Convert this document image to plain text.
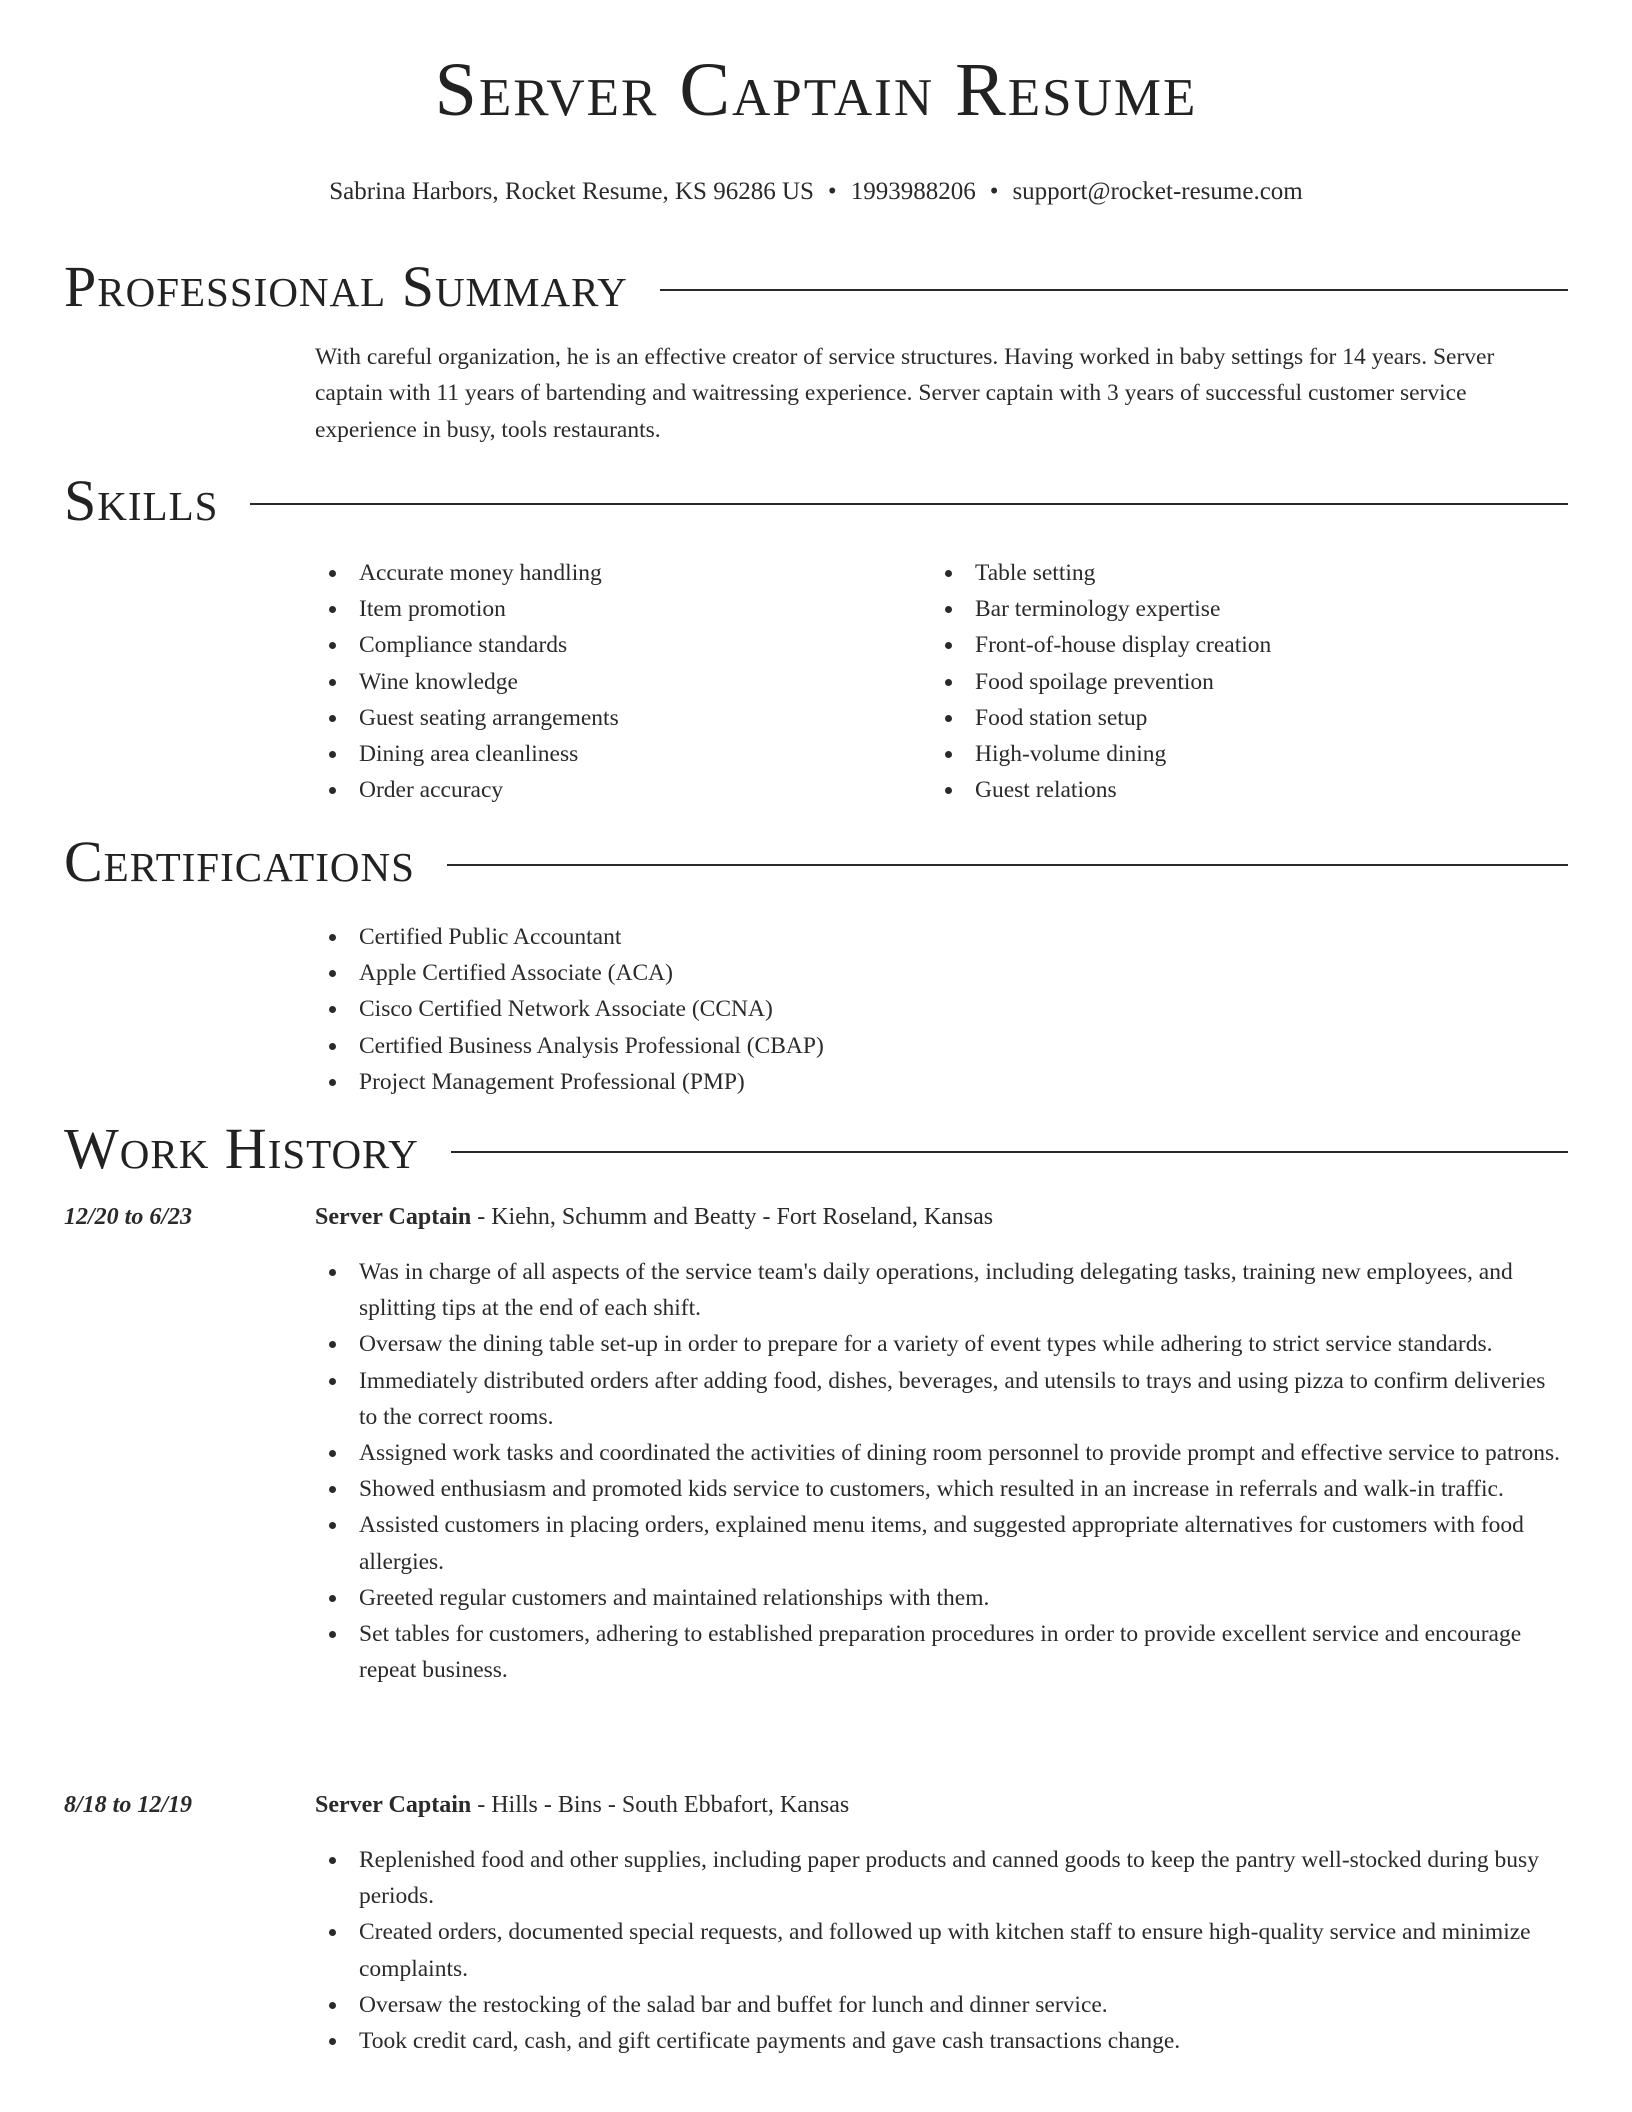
Server Captain Resume
Sabrina Harbors, Rocket Resume, KS 96286 US • 1993988206 • support@rocket-resume.com
Professional Summary

With careful organization, he is an effective creator of service structures. Having worked in baby settings for 14 years. Server captain with 11 years of bartending and waitressing experience. Server captain with 3 years of successful customer service experience in busy, tools restaurants.

Skills
Accurate money handling
Item promotion
Compliance standards
Wine knowledge
Guest seating arrangements
Dining area cleanliness
Order accuracy
Table setting
Bar terminology expertise
Front-of-house display creation
Food spoilage prevention
Food station setup
High-volume dining
Guest relations
Certifications
Certified Public Accountant
Apple Certified Associate (ACA)
Cisco Certified Network Associate (CCNA)
Certified Business Analysis Professional (CBAP)
Project Management Professional (PMP)
Work History
12/20 to 6/23	Server Captain - Kiehn, Schumm and Beatty - Fort Roseland, Kansas
Was in charge of all aspects of the service team's daily operations, including delegating tasks, training new employees, and splitting tips at the end of each shift.
Oversaw the dining table set-up in order to prepare for a variety of event types while adhering to strict service standards.
Immediately distributed orders after adding food, dishes, beverages, and utensils to trays and using pizza to confirm deliveries to the correct rooms.
Assigned work tasks and coordinated the activities of dining room personnel to provide prompt and effective service to patrons.
Showed enthusiasm and promoted kids service to customers, which resulted in an increase in referrals and walk-in traffic.
Assisted customers in placing orders, explained menu items, and suggested appropriate alternatives for customers with food allergies.
Greeted regular customers and maintained relationships with them.
Set tables for customers, adhering to established preparation procedures in order to provide excellent service and encourage repeat business.
8/18 to 12/19	Server Captain - Hills - Bins - South Ebbafort, Kansas
Replenished food and other supplies, including paper products and canned goods to keep the pantry well-stocked during busy periods.
Created orders, documented special requests, and followed up with kitchen staff to ensure high-quality service and minimize complaints.
Oversaw the restocking of the salad bar and buffet for lunch and dinner service.
Took credit card, cash, and gift certificate payments and gave cash transactions change.
